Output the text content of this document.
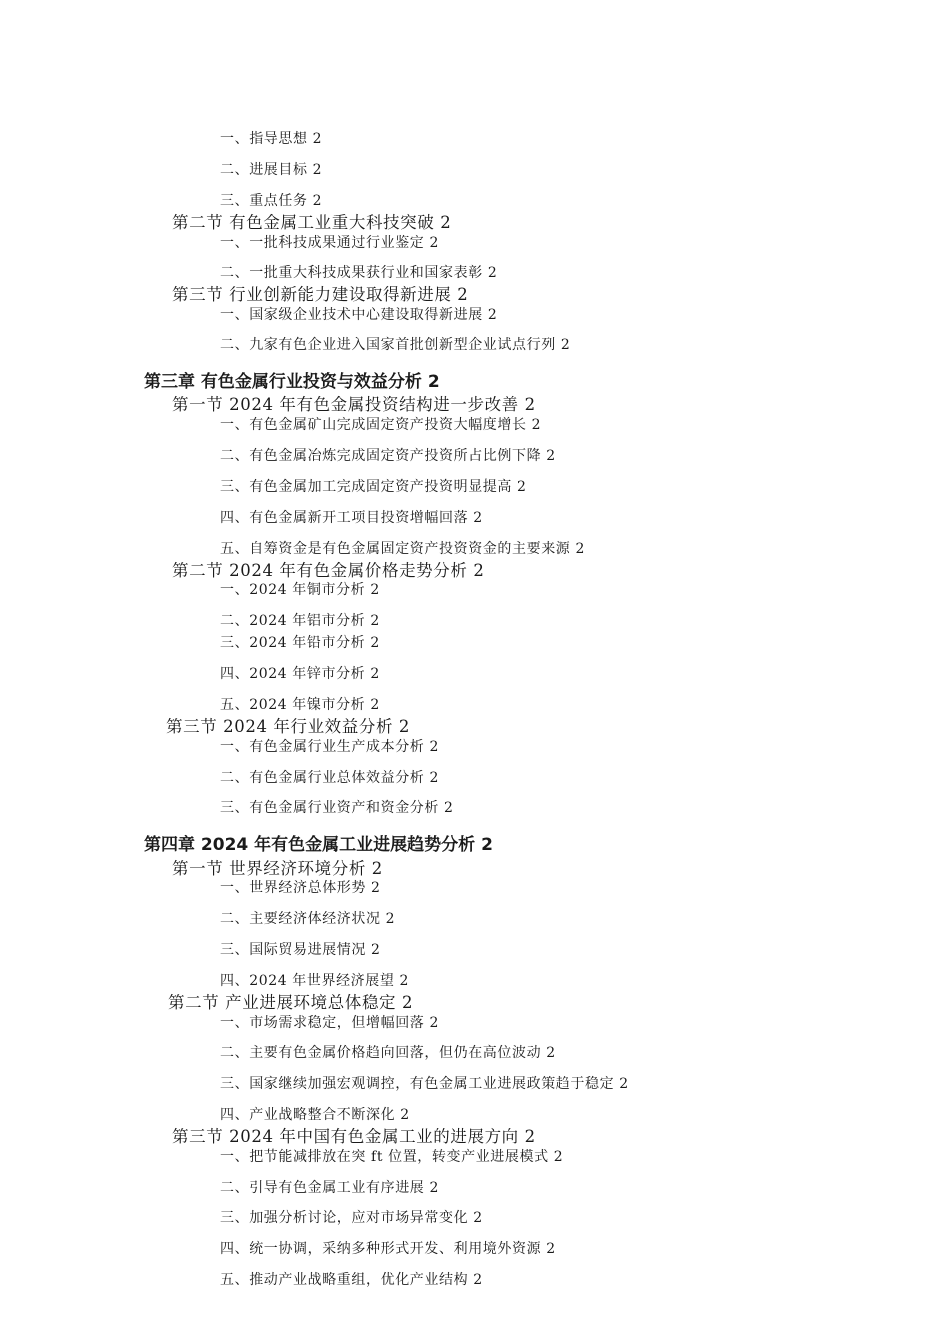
一、指导思想 2
二、进展目标 2
三、重点任务 2
第二节 有色金属工业重大科技突破 2
一、一批科技成果通过行业鉴定 2
二、一批重大科技成果获行业和国家表彰 2
第三节 行业创新能力建设取得新进展 2
一、国家级企业技术中心建设取得新进展 2
二、九家有色企业进入国家首批创新型企业试点行列 2
第三章 有色金属行业投资与效益分析 2
第一节 2024 年有色金属投资结构进一步改善 2
一、有色金属矿山完成固定资产投资大幅度增长 2
二、有色金属冶炼完成固定资产投资所占比例下降 2
三、有色金属加工完成固定资产投资明显提高 2
四、有色金属新开工项目投资增幅回落 2
五、自筹资金是有色金属固定资产投资资金的主要来源 2
第二节 2024 年有色金属价格走势分析 2
一、2024 年铜市分析 2
二、2024 年铝市分析 2
三、2024 年铅市分析 2
四、2024 年锌市分析 2
五、2024 年镍市分析 2
第三节 2024 年行业效益分析 2
一、有色金属行业生产成本分析 2
二、有色金属行业总体效益分析 2
三、有色金属行业资产和资金分析 2
第四章 2024 年有色金属工业进展趋势分析 2
第一节 世界经济环境分析 2
一、世界经济总体形势 2
二、主要经济体经济状况 2
三、国际贸易进展情况 2
四、2024 年世界经济展望 2
第二节 产业进展环境总体稳定 2
一、市场需求稳定，但增幅回落 2
二、主要有色金属价格趋向回落，但仍在高位波动 2
三、国家继续加强宏观调控，有色金属工业进展政策趋于稳定 2
四、产业战略整合不断深化 2
第三节 2024 年中国有色金属工业的进展方向 2
一、把节能减排放在突 ft 位置，转变产业进展模式 2
二、引导有色金属工业有序进展 2
三、加强分析讨论，应对市场异常变化 2
四、统一协调，采纳多种形式开发、利用境外资源 2
五、推动产业战略重组，优化产业结构 2
